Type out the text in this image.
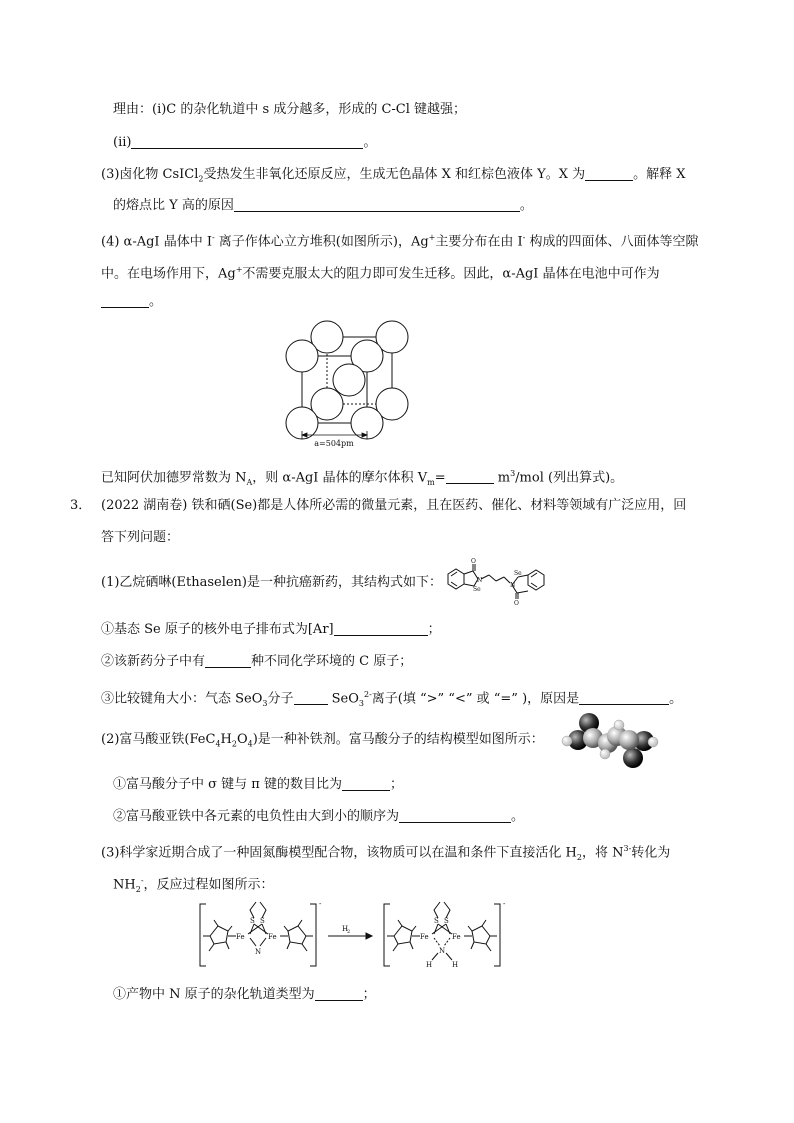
理由：(ⅰ)C 的杂化轨道中 s 成分越多，形成的 C-Cl 键越强；
(ⅱ)	。
(3)卤化物 CsICl$_2$受热发生非氧化还原反应，生成无色晶体 X 和红棕色液体 Y。X 为	。解释 X
的熔点比 Y 高的原因	。
(4) α-AgI 晶体中 I- 离子作体心立方堆积(如图所示)，Ag+主要分布在由 I- 构成的四面体、八面体等空隙
中。在电场作用下，Ag+不需要克服太大的阻力即可发生迁移。因此，α-AgI 晶体在电池中可作为
。
a=504pm
已知阿伏加德罗常数为 $N_A$，则 α-AgI 晶体的摩尔体积 $V_m=$	$m^3$/mol (列出算式)。
3． (2022 湖南卷) 铁和硒(Se)都是人体所必需的微量元素，且在医药、催化、材料等领域有广泛应用，回
答下列问题：
(1)乙烷硒啉(Ethaselen)是一种抗癌新药，其结构式如下：
O
N
Se
N
Se
O
①基态 Se 原子的核外电子排布式为[Ar]	；
②该新药分子中有	种不同化学环境的 C 原子；
③比较键角大小：气态 SeO$_3$分子	SeO$_3^{2-}$离子(填 “>” “<” 或 “=” )，原因是	。
(2)富马酸亚铁$(FeC_4H_2O_4)$是一种补铁剂。富马酸分子的结构模型如图所示：
①富马酸分子中 σ 键与 π 键的数目比为	；
②富马酸亚铁中各元素的电负性由大到小的顺序为	。
(3)科学家近期合成了一种固氮酶模型配合物，该物质可以在温和条件下直接活化 $H_2$，将 $N^{3-}$转化为
$NH_2^-$，反应过程如图所示：
-
S S
Fe	Fe
N
H
2
-
S S
Fe	Fe
N
H	H
①产物中 N 原子的杂化轨道类型为	；
